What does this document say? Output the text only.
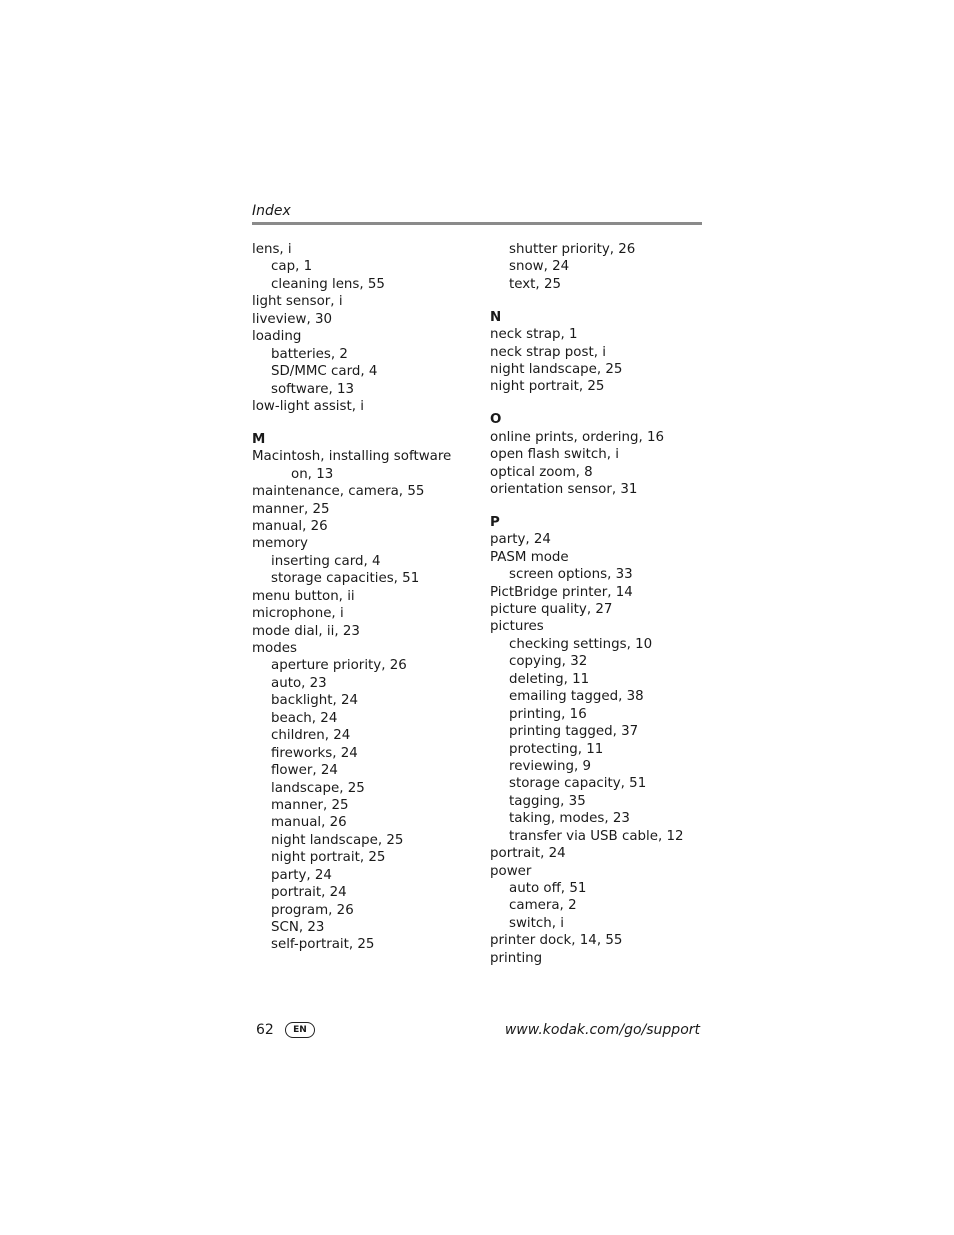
Index
lens, i
cap, 1
cleaning lens, 55
light sensor, i
liveview, 30
loading
batteries, 2
SD/MMC card, 4
software, 13
low-light assist, i
M
Macintosh, installing software
on, 13
maintenance, camera, 55
manner, 25
manual, 26
memory
inserting card, 4
storage capacities, 51
menu button, ii
microphone, i
mode dial, ii, 23
modes
aperture priority, 26
auto, 23
backlight, 24
beach, 24
children, 24
fireworks, 24
flower, 24
landscape, 25
manner, 25
manual, 26
night landscape, 25
night portrait, 25
party, 24
portrait, 24
program, 26
SCN, 23
self-portrait, 25
shutter priority, 26
snow, 24
text, 25
N
neck strap, 1
neck strap post, i
night landscape, 25
night portrait, 25
O
online prints, ordering, 16
open flash switch, i
optical zoom, 8
orientation sensor, 31
P
party, 24
PASM mode
screen options, 33
PictBridge printer, 14
picture quality, 27
pictures
checking settings, 10
copying, 32
deleting, 11
emailing tagged, 38
printing, 16
printing tagged, 37
protecting, 11
reviewing, 9
storage capacity, 51
tagging, 35
taking, modes, 23
transfer via USB cable, 12
portrait, 24
power
auto off, 51
camera, 2
switch, i
printer dock, 14, 55
printing
62	EN	www.kodak.com/go/support
